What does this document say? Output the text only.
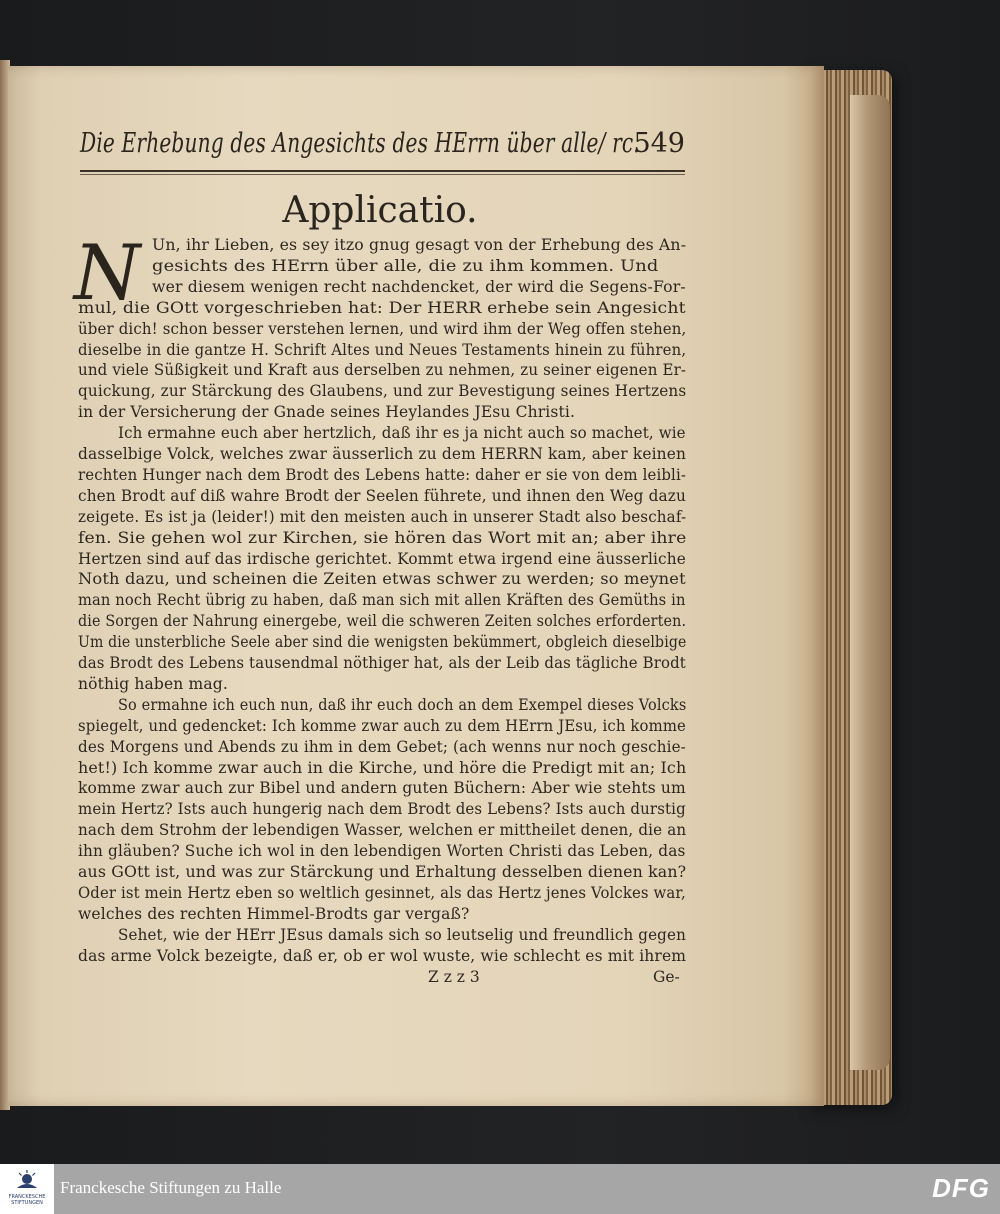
Die Erhebung des Angesichts des HErrn über alle/ rc.
549
Applicatio.
N Un, ihr Lieben, es sey itzo gnug gesagt von der Erhebung des An-
gesichts des HErrn über alle, die zu ihm kommen. Und
wer diesem wenigen recht nachdencket, der wird die Segens-For-
mul, die GOtt vorgeschrieben hat: Der HERR erhebe sein Angesicht
über dich! schon besser verstehen lernen, und wird ihm der Weg offen stehen,
dieselbe in die gantze H. Schrift Altes und Neues Testaments hinein zu führen,
und viele Süßigkeit und Kraft aus derselben zu nehmen, zu seiner eigenen Er-
quickung, zur Stärckung des Glaubens, und zur Bevestigung seines Hertzens
in der Versicherung der Gnade seines Heylandes JEsu Christi.
Ich ermahne euch aber hertzlich, daß ihr es ja nicht auch so machet, wie
dasselbige Volck, welches zwar äusserlich zu dem HERRN kam, aber keinen
rechten Hunger nach dem Brodt des Lebens hatte: daher er sie von dem leibli-
chen Brodt auf diß wahre Brodt der Seelen führete, und ihnen den Weg dazu
zeigete. Es ist ja (leider!) mit den meisten auch in unserer Stadt also beschaf-
fen. Sie gehen wol zur Kirchen, sie hören das Wort mit an; aber ihre
Hertzen sind auf das irdische gerichtet. Kommt etwa irgend eine äusserliche
Noth dazu, und scheinen die Zeiten etwas schwer zu werden; so meynet
man noch Recht übrig zu haben, daß man sich mit allen Kräften des Gemüths in
die Sorgen der Nahrung einergebe, weil die schweren Zeiten solches erforderten.
Um die unsterbliche Seele aber sind die wenigsten bekümmert, obgleich dieselbige
das Brodt des Lebens tausendmal nöthiger hat, als der Leib das tägliche Brodt
nöthig haben mag.
So ermahne ich euch nun, daß ihr euch doch an dem Exempel dieses Volcks
spiegelt, und gedencket: Ich komme zwar auch zu dem HErrn JEsu, ich komme
des Morgens und Abends zu ihm in dem Gebet; (ach wenns nur noch geschie-
het!) Ich komme zwar auch in die Kirche, und höre die Predigt mit an; Ich
komme zwar auch zur Bibel und andern guten Büchern: Aber wie stehts um
mein Hertz? Ists auch hungerig nach dem Brodt des Lebens? Ists auch durstig
nach dem Strohm der lebendigen Wasser, welchen er mittheilet denen, die an
ihn gläuben? Suche ich wol in den lebendigen Worten Christi das Leben, das
aus GOtt ist, und was zur Stärckung und Erhaltung desselben dienen kan?
Oder ist mein Hertz eben so weltlich gesinnet, als das Hertz jenes Volckes war,
welches des rechten Himmel-Brodts gar vergaß?
Sehet, wie der HErr JEsus damals sich so leutselig und freundlich gegen
das arme Volck bezeigte, daß er, ob er wol wuste, wie schlecht es mit ihrem
Z z z 3	Ge-
FRANCKESCHE STIFTUNGEN
Franckesche Stiftungen zu Halle	DFG
